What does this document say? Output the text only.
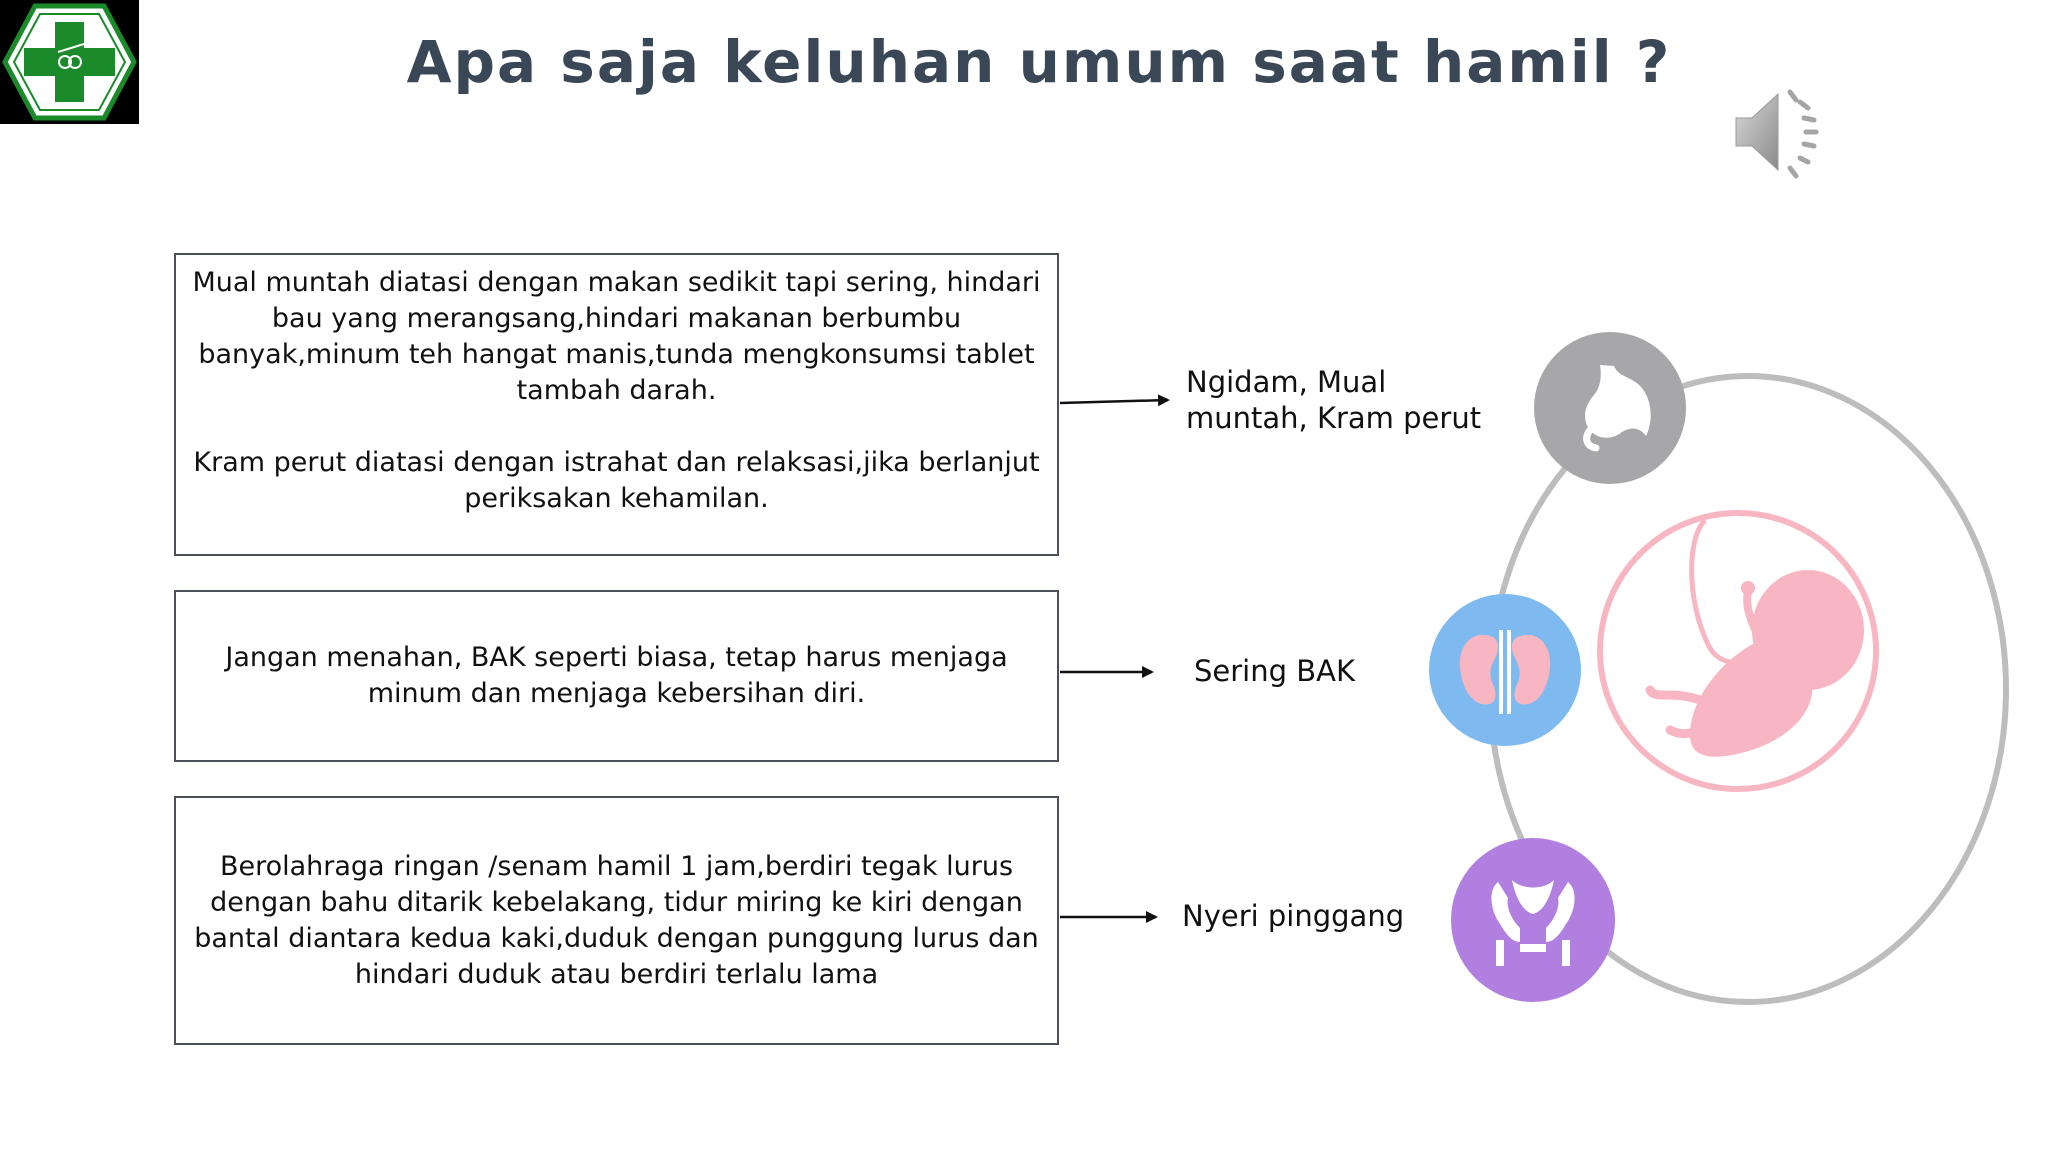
Apa saja keluhan umum saat hamil ?

Mual muntah diatasi dengan makan sedikit tapi sering, hindari bau yang merangsang,hindari makanan berbumbu banyak,minum teh hangat manis,tunda mengkonsumsi tablet tambah darah.

Kram perut diatasi dengan istrahat dan relaksasi,jika berlanjut periksakan kehamilan.

Jangan menahan, BAK seperti biasa, tetap harus menjaga minum dan menjaga kebersihan diri.

Berolahraga ringan /senam hamil 1 jam,berdiri tegak lurus dengan bahu ditarik kebelakang, tidur miring ke kiri dengan bantal diantara kedua kaki,duduk dengan punggung lurus dan hindari duduk atau berdiri terlalu lama

Ngidam, Mual muntah, Kram perut
Sering BAK
Nyeri pinggang
